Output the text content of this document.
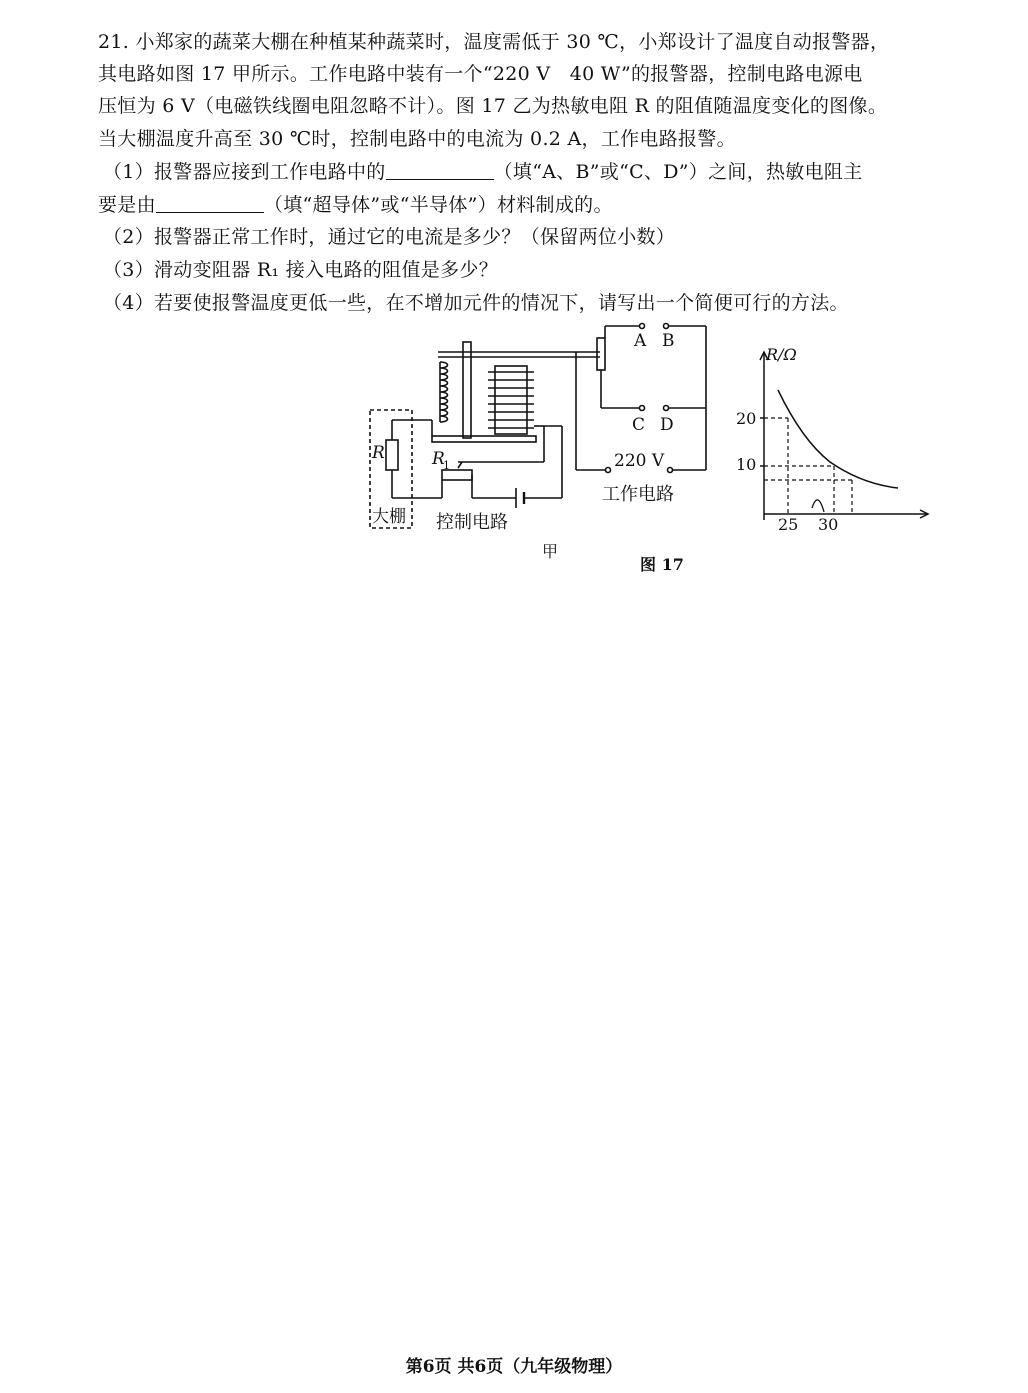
21. 小郑家的蔬菜大棚在种植某种蔬菜时，温度需低于 30 ℃，小郑设计了温度自动报警器，
其电路如图 17 甲所示。工作电路中装有一个“220 V　40 W”的报警器，控制电路电源电
压恒为 6 V（电磁铁线圈电阻忽略不计）。图 17 乙为热敏电阻 R 的阻值随温度变化的图像。
当大棚温度升高至 30 ℃时，控制电路中的电流为 0.2 A，工作电路报警。
（1）报警器应接到工作电路中的	（填“A、B”或“C、D”）之间，热敏电阻主
要是由	（填“超导体”或“半导体”）材料制成的。
（2）报警器正常工作时，通过它的电流是多少？（保留两位小数）
（3）滑动变阻器 R₁ 接入电路的阻值是多少？
（4）若要使报警温度更低一些，在不增加元件的情况下，请写出一个简便可行的方法。
A B
C D
220 V
工作电路
控制电路
大棚
R	R
1
甲
图 17
R/Ω
20
10
25 30
第6页 共6页（九年级物理）
